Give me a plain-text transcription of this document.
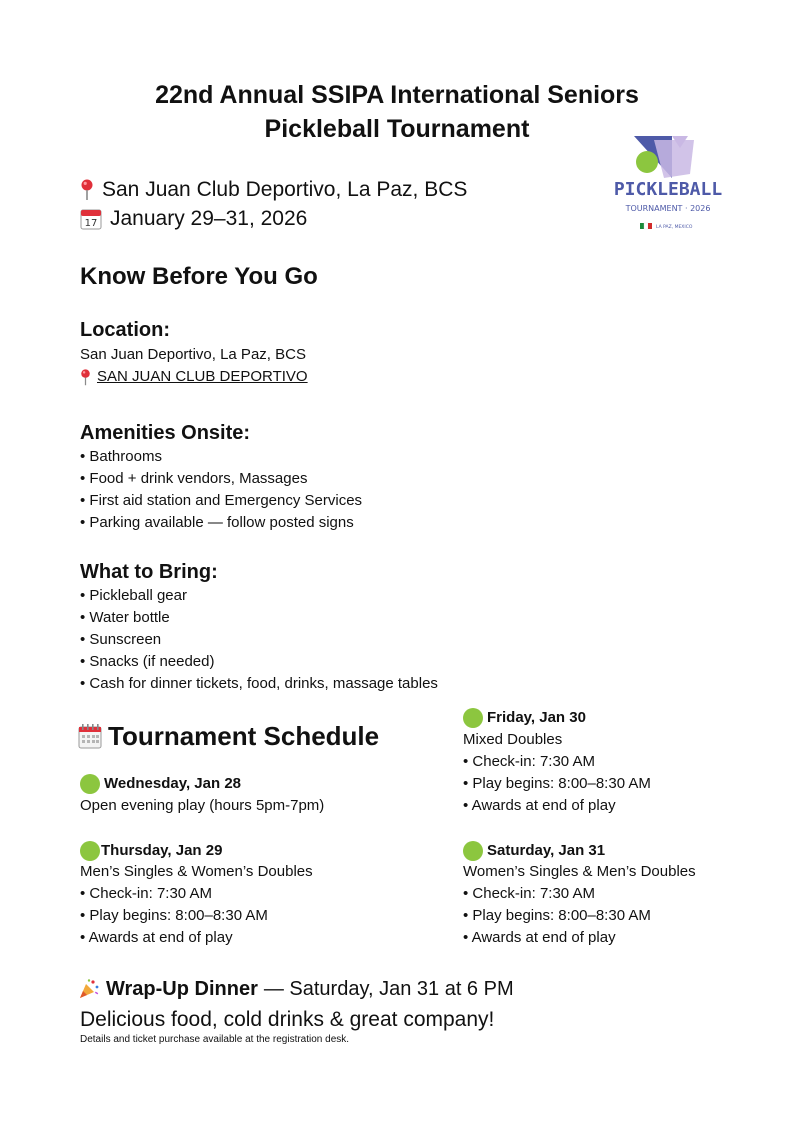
22nd Annual SSIPA International Seniors
Pickleball Tournament
San Juan Club Deportivo, La Paz, BCS
17 January 29–31, 2026
PICKLEBALL
TOURNAMENT · 2026
LA PAZ, MEXICO
Know Before You Go
Location:
San Juan Deportivo, La Paz, BCS
SAN JUAN CLUB DEPORTIVO
Amenities Onsite:
• Bathrooms
• Food + drink vendors, Massages
• First aid station and Emergency Services
• Parking available — follow posted signs
What to Bring:
• Pickleball gear
• Water bottle
• Sunscreen
• Snacks (if needed)
• Cash for dinner tickets, food, drinks, massage tables
Tournament Schedule
Wednesday, Jan 28
Open evening play (hours 5pm-7pm)
Thursday, Jan 29
Men’s Singles & Women’s Doubles
• Check-in: 7:30 AM
• Play begins: 8:00–8:30 AM
• Awards at end of play
Friday, Jan 30
Mixed Doubles
• Check-in: 7:30 AM
• Play begins: 8:00–8:30 AM
• Awards at end of play
Saturday, Jan 31
Women’s Singles & Men’s Doubles
• Check-in: 7:30 AM
• Play begins: 8:00–8:30 AM
• Awards at end of play
Wrap-Up Dinner — Saturday, Jan 31 at 6 PM
Delicious food, cold drinks & great company!
Details and ticket purchase available at the registration desk.
